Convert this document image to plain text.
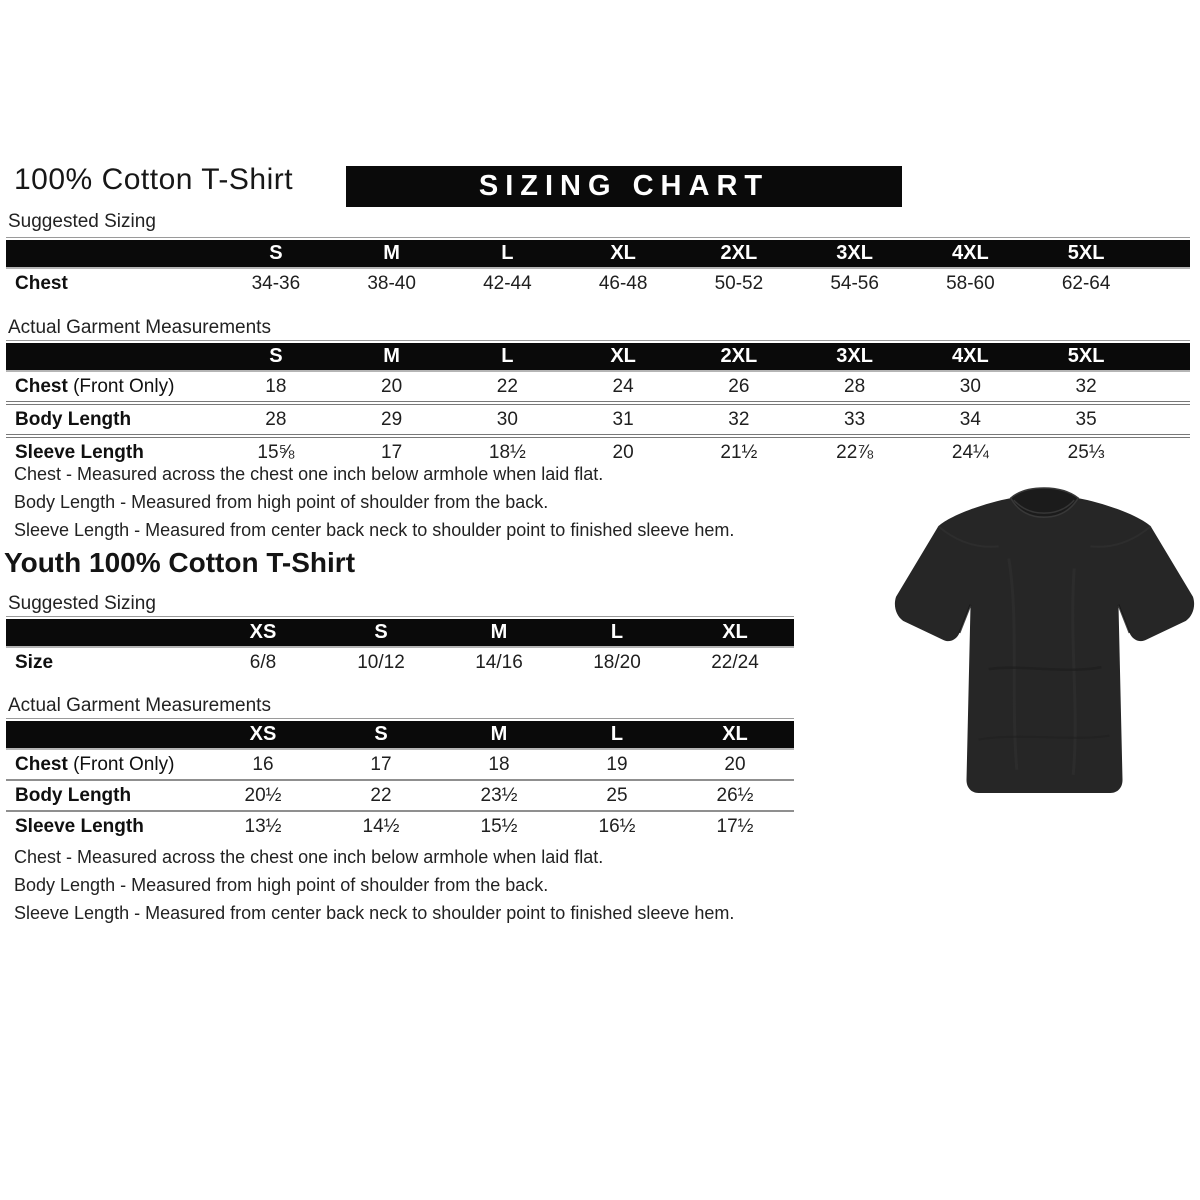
100% Cotton T-Shirt	SIZING CHART
Suggested Sizing
S	M	L	XL	2XL	3XL	4XL	5XL
Chest	34-36	38-40	42-44	46-48	50-52	54-56	58-60	62-64
Actual Garment Measurements
S	M	L	XL	2XL	3XL	4XL	5XL
Chest (Front Only)	18	20	22	24	26	28	30	32
Body Length	28	29	30	31	32	33	34	35
Sleeve Length	15⅝	17	18½	20	21½	22⅞	24¼	25⅓
Chest - Measured across the chest one inch below armhole when laid flat.
Body Length - Measured from high point of shoulder from the back.
Sleeve Length - Measured from center back neck to shoulder point to finished sleeve hem.
Youth 100% Cotton T-Shirt
Suggested Sizing
XS	S	M	L	XL
Size	6/8	10/12	14/16	18/20	22/24
Actual Garment Measurements
XS	S	M	L	XL
Chest (Front Only)	16	17	18	19	20
Body Length	20½	22	23½	25	26½
Sleeve Length	13½	14½	15½	16½	17½
Chest - Measured across the chest one inch below armhole when laid flat.
Body Length - Measured from high point of shoulder from the back.
Sleeve Length - Measured from center back neck to shoulder point to finished sleeve hem.
